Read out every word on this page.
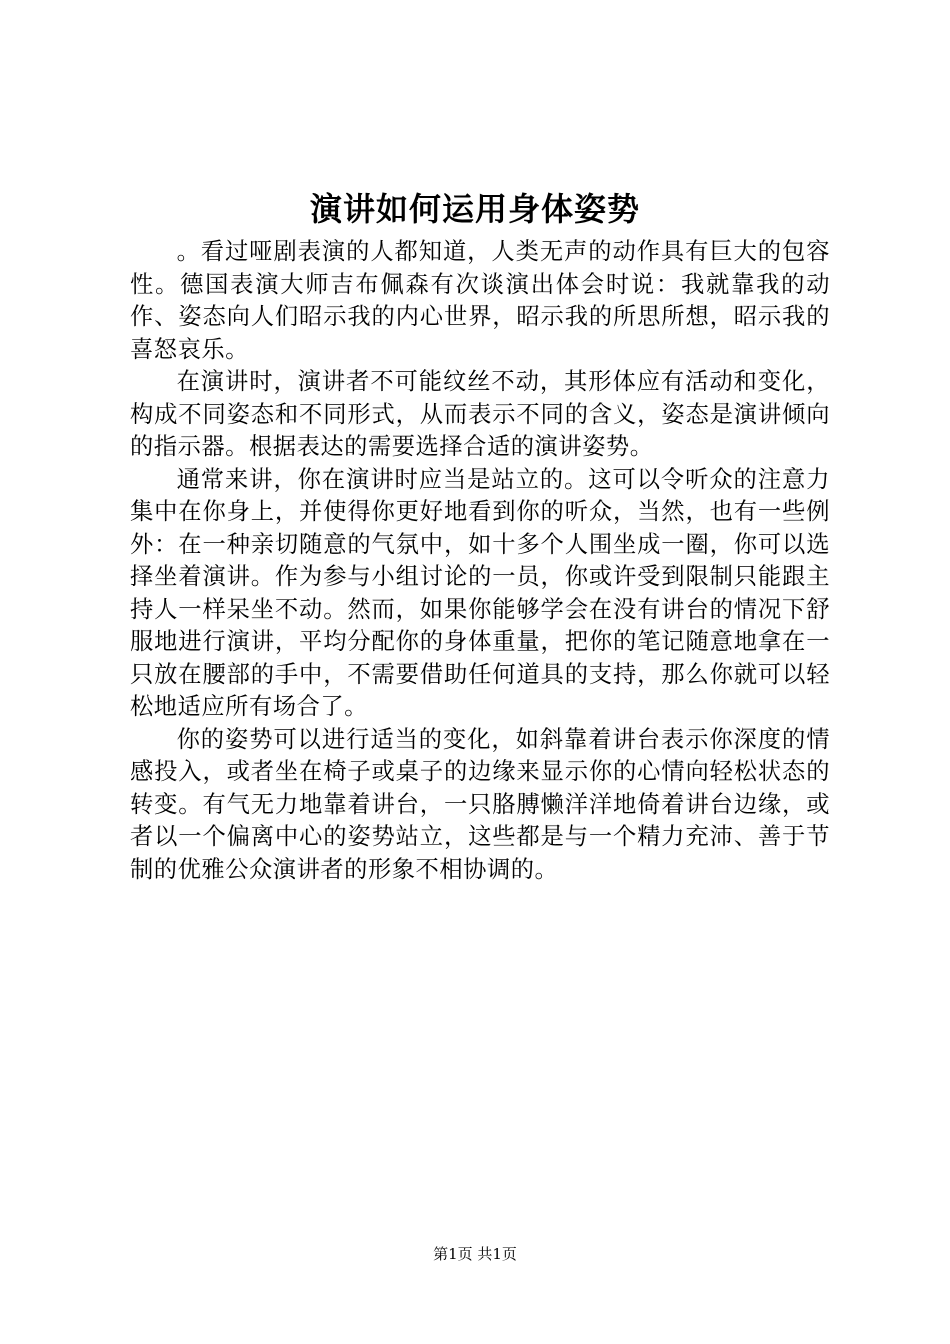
演讲如何运用身体姿势

。看过哑剧表演的人都知道，人类无声的动作具有巨大的包容性。德国表演大师吉布佩森有次谈演出体会时说：我就靠我的动作、姿态向人们昭示我的内心世界，昭示我的所思所想，昭示我的喜怒哀乐。

在演讲时，演讲者不可能纹丝不动，其形体应有活动和变化，构成不同姿态和不同形式，从而表示不同的含义，姿态是演讲倾向的指示器。根据表达的需要选择合适的演讲姿势。

通常来讲，你在演讲时应当是站立的。这可以令听众的注意力集中在你身上，并使得你更好地看到你的听众，当然，也有一些例外：在一种亲切随意的气氛中，如十多个人围坐成一圈，你可以选择坐着演讲。作为参与小组讨论的一员，你或许受到限制只能跟主持人一样呆坐不动。然而，如果你能够学会在没有讲台的情况下舒服地进行演讲，平均分配你的身体重量，把你的笔记随意地拿在一只放在腰部的手中，不需要借助任何道具的支持，那么你就可以轻松地适应所有场合了。

你的姿势可以进行适当的变化，如斜靠着讲台表示你深度的情感投入，或者坐在椅子或桌子的边缘来显示你的心情向轻松状态的转变。有气无力地靠着讲台，一只胳膊懒洋洋地倚着讲台边缘，或者以一个偏离中心的姿势站立，这些都是与一个精力充沛、善于节制的优雅公众演讲者的形象不相协调的。

第1页 共1页
